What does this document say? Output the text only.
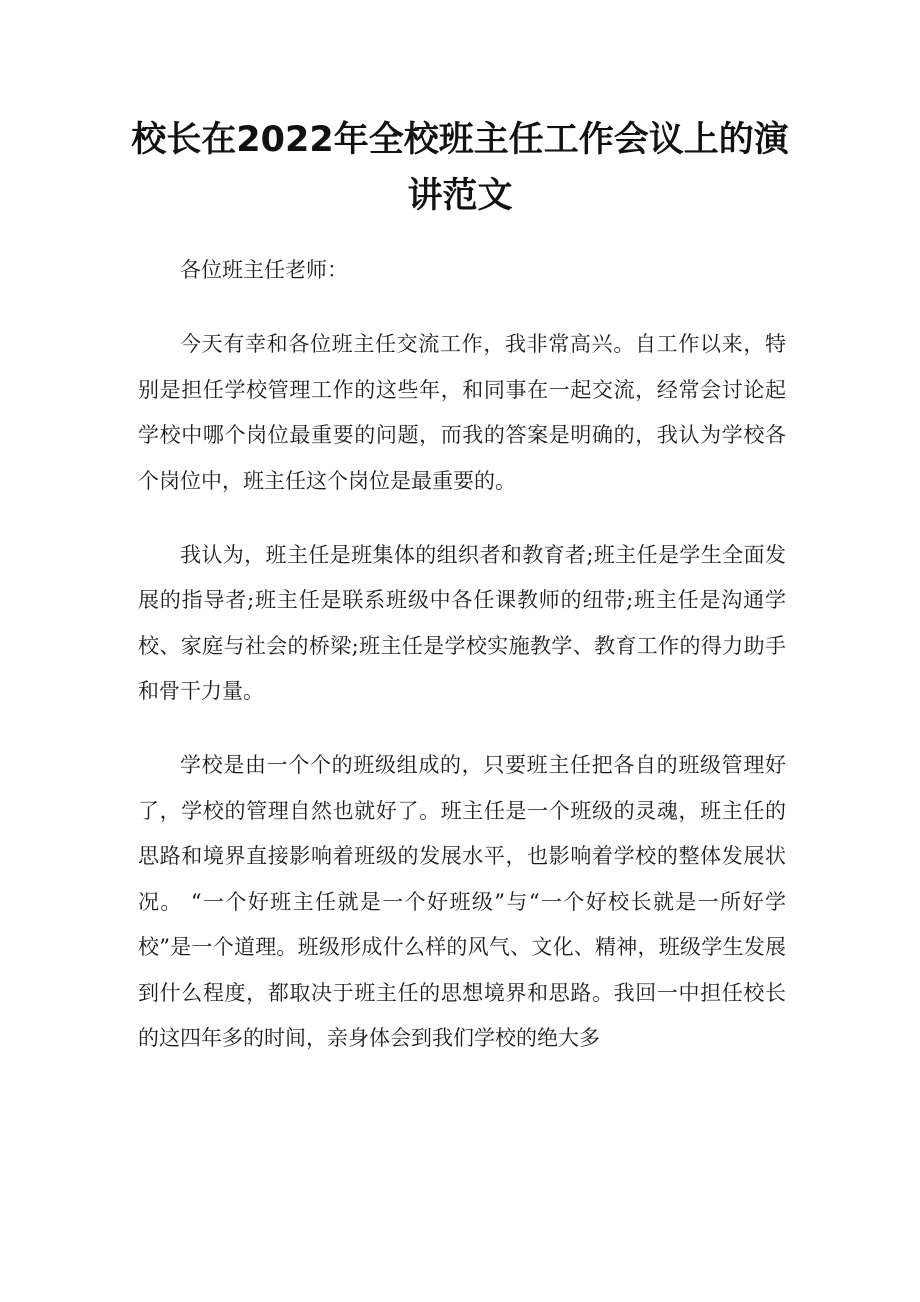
校长在2022年全校班主任工作会议上的演讲范文

各位班主任老师：

今天有幸和各位班主任交流工作，我非常高兴。自工作以来，特别是担任学校管理工作的这些年，和同事在一起交流，经常会讨论起学校中哪个岗位最重要的问题，而我的答案是明确的，我认为学校各个岗位中，班主任这个岗位是最重要的。

我认为，班主任是班集体的组织者和教育者;班主任是学生全面发展的指导者;班主任是联系班级中各任课教师的纽带;班主任是沟通学校、家庭与社会的桥梁;班主任是学校实施教学、教育工作的得力助手和骨干力量。

学校是由一个个的班级组成的，只要班主任把各自的班级管理好了，学校的管理自然也就好了。班主任是一个班级的灵魂，班主任的思路和境界直接影响着班级的发展水平，也影响着学校的整体发展状况。 “一个好班主任就是一个好班级”与“一个好校长就是一所好学校”是一个道理。班级形成什么样的风气、文化、精神，班级学生发展到什么程度，都取决于班主任的思想境界和思路。我回一中担任校长的这四年多的时间，亲身体会到我们学校的绝大多
